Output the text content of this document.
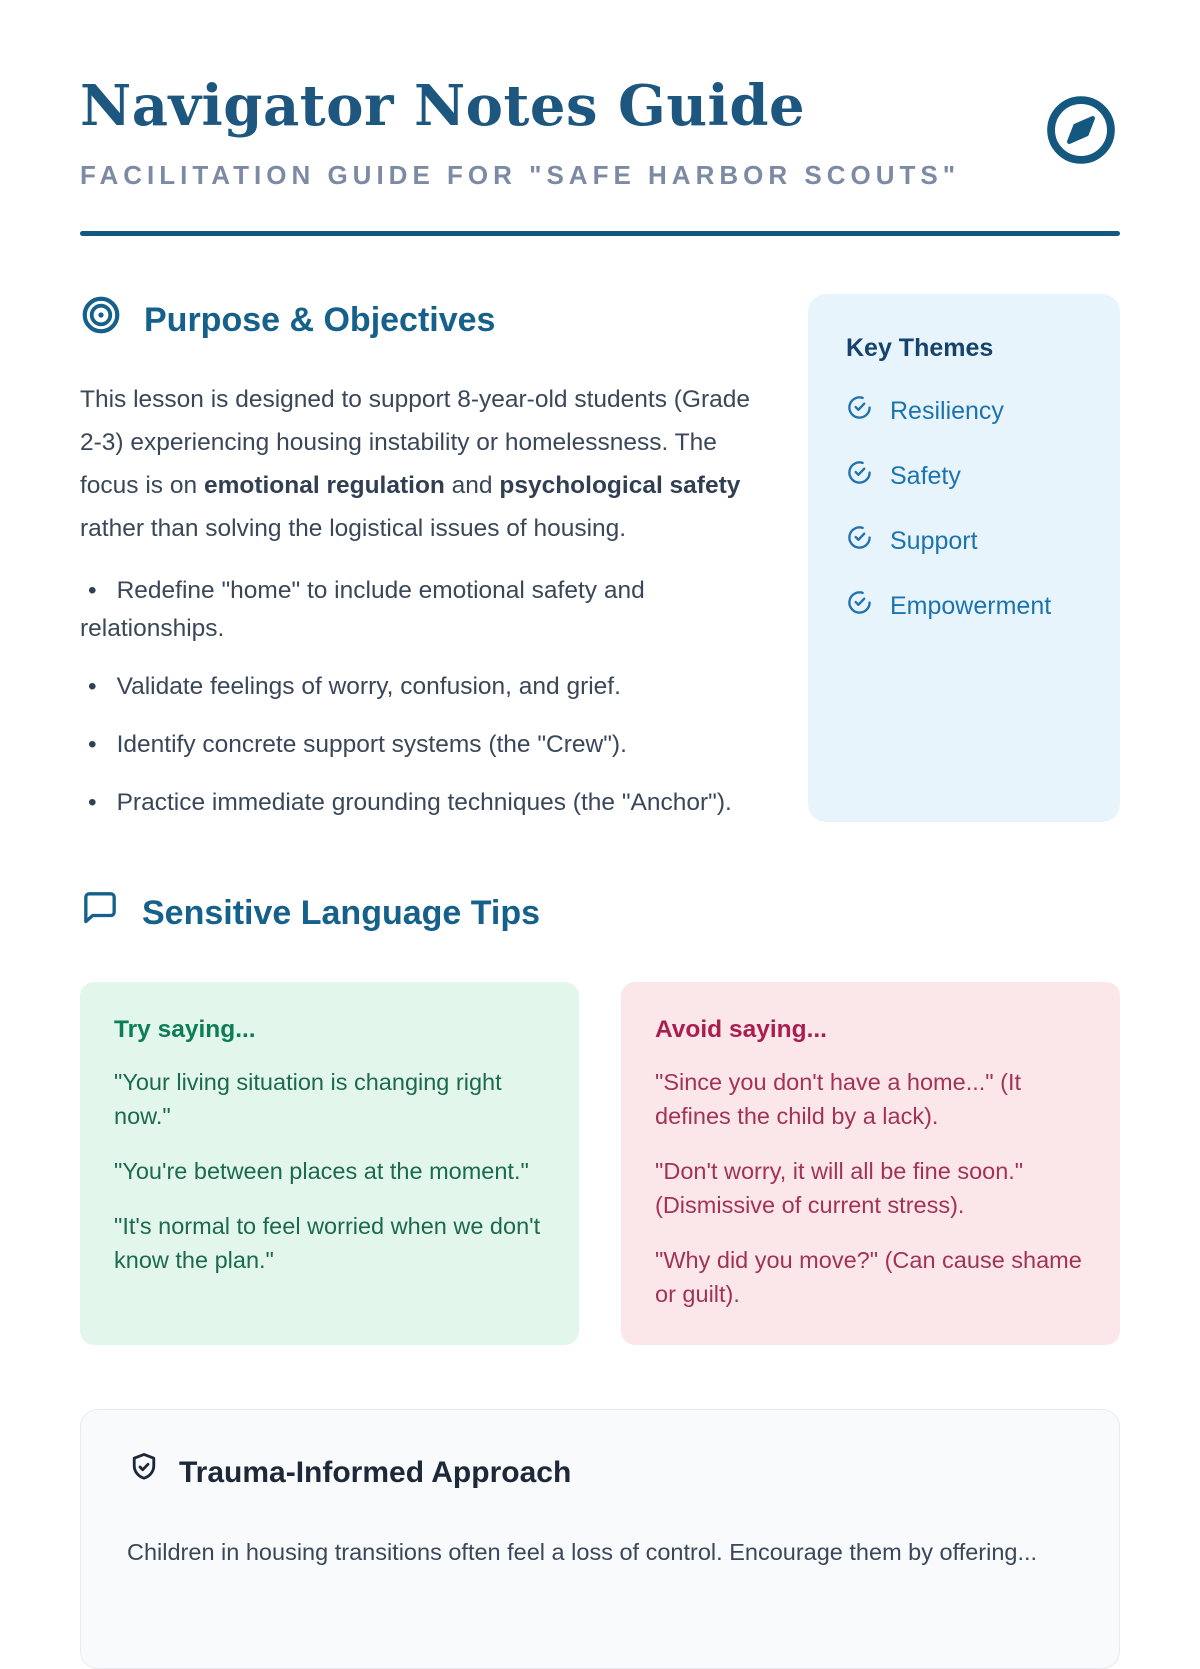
Navigator Notes Guide
FACILITATION GUIDE FOR "SAFE HARBOR SCOUTS"
Purpose & Objectives

This lesson is designed to support 8-year-old students (Grade 2-3) experiencing housing instability or homelessness. The focus is on emotional regulation and psychological safety rather than solving the logistical issues of housing.

• Redefine "home" to include emotional safety and relationships.
• Validate feelings of worry, confusion, and grief.
• Identify concrete support systems (the "Crew").
• Practice immediate grounding techniques (the "Anchor").
Key Themes
Resiliency
Safety
Support
Empowerment
Sensitive Language Tips
Try saying...

"Your living situation is changing right now."

"You're between places at the moment."

"It's normal to feel worried when we don't know the plan."

Avoid saying...

"Since you don't have a home..." (It defines the child by a lack).

"Don't worry, it will all be fine soon." (Dismissive of current stress).

"Why did you move?" (Can cause shame or guilt).

Trauma-Informed Approach

Children in housing transitions often feel a loss of control. Encourage them by offering...
